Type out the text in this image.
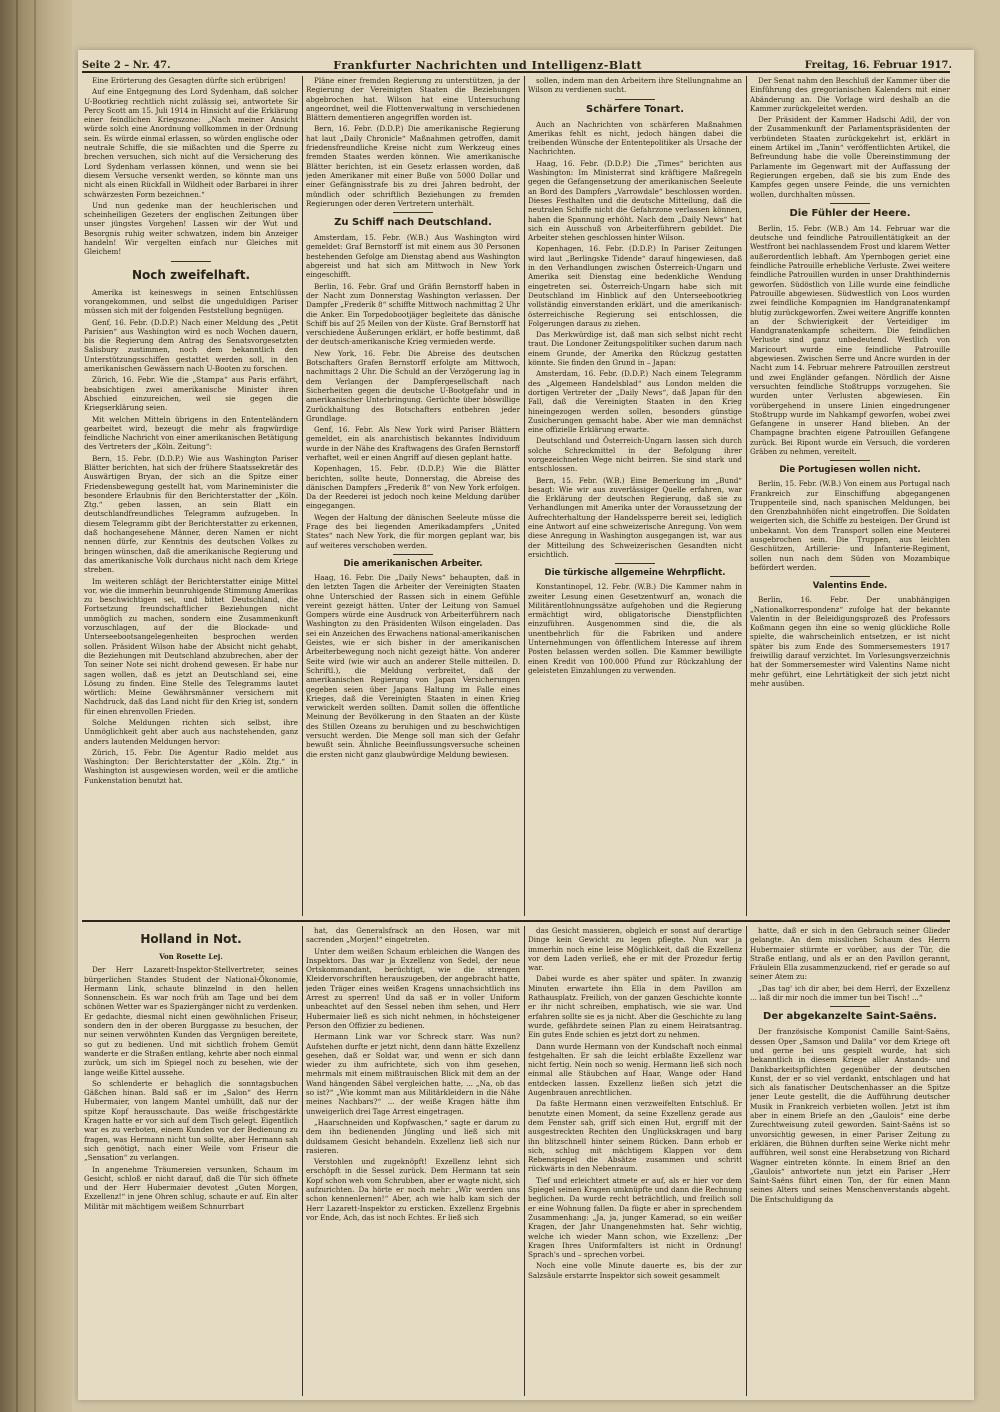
Seite 2 – Nr. 47.	Frankfurter Nachrichten und Intelligenz-Blatt	Freitag, 16. Februar 1917.

Eine Erörterung des Gesagten dürfte sich erübrigen!

Auf eine Entgegnung des Lord Sydenham, daß solcher U-Bootkrieg rechtlich nicht zulässig sei, antwortete Sir Percy Scott am 15. Juli 1914 in Hinsicht auf die Erklärung einer feindlichen Kriegszone: „Nach meiner Ansicht würde solch eine Anordnung vollkommen in der Ordnung sein. Es würde einmal erlassen, so würden englische oder neutrale Schiffe, die sie mißachten und die Sperre zu brechen versuchen, sich nicht auf die Versicherung des Lord Sydenham verlassen können, und wenn sie bei diesem Versuche versenkt werden, so könnte man uns nicht als einen Rückfall in Wildheit oder Barbarei in ihrer schwärzesten Form bezeichnen.“

Und nun gedenke man der heuchlerischen und scheinheiligen Gezeters der englischen Zeitungen über unser jüngstes Vorgehen! Lassen wir der Wut und Besorgnis ruhig weiter schwatzen, indem bin Anzeiger handeln! Wir vergelten einfach nur Gleiches mit Gleichem!

Noch zweifelhaft.

Amerika ist keineswegs in seinen Entschlüssen vorangekommen, und selbst die ungeduldigen Pariser müssen sich mit der folgenden Feststellung begnügen.

Genf, 16. Febr. (D.D.P.) Nach einer Meldung des „Petit Parisien“ aus Washington wird es noch Wochen dauern, bis die Regierung dem Antrag des Senatsvorgesetzten Salisbury zustimmen, noch dem bekanntlich den Unterstützungsschiffen gestattet werden soll, in den amerikanischen Gewässern nach U-Booten zu forschen.

Zürich, 16. Febr. Wie die „Stampa“ aus Paris erfährt, beabsichtigen zwei amerikanische Minister ihren Abschied einzureichen, weil sie gegen die Kriegserklärung seien.

Mit welchen Mitteln übrigens in den Ententeländern gearbeitet wird, bezeugt die mehr als fragwürdige feindliche Nachricht von einer amerikanischen Betätigung des Vertreters der „Köln. Zeitung“:

Bern, 15. Febr. (D.D.P.) Wie aus Washington Pariser Blätter berichten, hat sich der frühere Staatssekretär des Auswärtigen Bryan, der sich an die Spitze einer Friedensbewegung gestellt hat, vom Marineminister die besondere Erlaubnis für den Berichterstatter der „Köln. Ztg.“ geben lassen, an sein Blatt ein deutschlandfreundliches Telegramm aufzugeben. In diesem Telegramm gibt der Berichterstatter zu erkennen, daß hochangesehene Männer, deren Namen er nicht nennen dürfe, zur Kenntnis des deutschen Volkes zu bringen wünschen, daß die amerikanische Regierung und das amerikanische Volk durchaus nicht nach dem Kriege streben.

Im weiteren schlägt der Berichterstatter einige Mittel vor, wie die immerhin beunruhigende Stimmung Amerikas zu beschwichtigen sei, und bittet Deutschland, die Fortsetzung freundschaftlicher Beziehungen nicht unmöglich zu machen, sondern eine Zusammenkunft vorzuschlagen, auf der die Blockade- und Unterseebootsangelegenheiten besprochen werden sollen. Präsident Wilson habe der Absicht nicht gehabt, die Beziehungen mit Deutschland abzubrechen, aber der Ton seiner Note sei nicht drohend gewesen. Er habe nur sagen wollen, daß es jetzt an Deutschland sei, eine Lösung zu finden. Eine Stelle des Telegramms lautet wörtlich: Meine Gewährsmänner versichern mit Nachdruck, daß das Land nicht für den Krieg ist, sondern für einen ehrenvollen Frieden.

Solche Meldungen richten sich selbst, ihre Unmöglichkeit geht aber auch aus nachstehenden, ganz anders lautenden Meldungen hervor:

Zürich, 15. Febr. Die Agentur Radio meldet aus Washington: Der Berichterstatter der „Köln. Ztg.“ in Washington ist ausgewiesen worden, weil er die amtliche Funkenstation benutzt hat.

Pläne einer fremden Regierung zu unterstützen, ja der Regierung der Vereinigten Staaten die Beziehungen abgebrochen hat. Wilson hat eine Untersuchung angeordnet, weil die Flottenverwaltung in verschiedenen Blättern dementieren angegriffen worden ist.

Bern, 16. Febr. (D.D.P.) Die amerikanische Regierung hat laut „Daily Chronicle“ Maßnahmen getroffen, damit friedensfreundliche Kreise nicht zum Werkzeug eines fremden Staates werden können. Wie amerikanische Blätter berichten, ist ein Gesetz erlassen worden, daß jeden Amerikaner mit einer Buße von 5000 Dollar und einer Gefängnisstrafe bis zu drei Jahren bedroht, der mündlich oder schriftlich Beziehungen zu fremden Regierungen oder deren Vertretern unterhält.

Zu Schiff nach Deutschland.

Amsterdam, 15. Febr. (W.B.) Aus Washington wird gemeldet: Graf Bernstorff ist mit einem aus 30 Personen bestehenden Gefolge am Dienstag abend aus Washington abgereist und hat sich am Mittwoch in New York eingeschifft.

Berlin, 16. Febr. Graf und Gräfin Bernstorff haben in der Nacht zum Donnerstag Washington verlassen. Der Dampfer „Frederik 8“ schiffte Mittwoch nachmittag 2 Uhr die Anker. Ein Torpedobootjäger begleitete das dänische Schiff bis auf 25 Meilen von der Küste. Graf Bernstorff hat verschiedene Äußerungen erklärt, er hoffe bestimmt, daß der deutsch-amerikanische Krieg vermieden werde.

New York, 16. Febr. Die Abreise des deutschen Botschafters Grafen Bernstorff erfolgte am Mittwoch, nachmittags 2 Uhr. Die Schuld an der Verzögerung lag in dem Verlangen der Dampfergesellschaft nach Sicherheiten gegen die deutsche U-Bootgefahr und in amerikanischer Unterbringung. Gerüchte über böswillige Zurückhaltung des Botschafters entbehren jeder Grundlage.

Genf, 16. Febr. Als New York wird Pariser Blättern gemeldet, ein als anarchistisch bekanntes Individuum wurde in der Nähe des Kraftwagens des Grafen Bernstorff verhaftet, weil er einen Angriff auf diesen geplant hatte.

Kopenhagen, 15. Febr. (D.D.P.) Wie die Blätter berichten, sollte heute, Donnerstag, die Abreise des dänischen Dampfers „Frederik 8“ von New York erfolgen. Da der Reederei ist jedoch noch keine Meldung darüber eingegangen.

Wegen der Haltung der dänischen Seeleute müsse die Frage des bei liegenden Amerikadampfers „United States“ nach New York, die für morgen geplant war, bis auf weiteres verschoben werden.

Die amerikanischen Arbeiter.

Haag, 16. Febr. Die „Daily News“ behaupten, daß in den letzten Tagen die Arbeiter der Vereinigten Staaten ohne Unterschied der Rassen sich in einem Gefühle vereint gezeigt hätten. Unter der Leitung von Samuel Gompers würde eine Ausdruck von Arbeiterführern nach Washington zu den Präsidenten Wilson eingeladen. Das sei ein Anzeichen des Erwachens national-amerikanischen Geistes, wie er sich bisher in der amerikanischen Arbeiterbewegung noch nicht gezeigt hätte. Von anderer Seite wird (wie wir auch an anderer Stelle mitteilen. D. Schriftl.), die Meldung verbreitet, daß der amerikanischen Regierung von Japan Versicherungen gegeben seien über Japans Haltung im Falle eines Krieges, daß die Vereinigten Staaten in einen Krieg verwickelt werden sollten. Damit sollen die öffentliche Meinung der Bevölkerung in den Staaten an der Küste des Stillen Ozeans zu beruhigen und zu beschwichtigen versucht werden. Die Menge soll man sich der Gefahr bewußt sein. Ähnliche Beeinflussungsversuche scheinen die ersten nicht ganz glaubwürdige Meldung bewiesen.

sollen, indem man den Arbeitern ihre Stellungnahme an Wilson zu verdienen sucht.

Schärfere Tonart.

Auch an Nachrichten von schärferen Maßnahmen Amerikas fehlt es nicht, jedoch hängen dabei die treibenden Wünsche der Ententepolitiker als Ursache der Nachrichten.

Haag, 16. Febr. (D.D.P.) Die „Times“ berichten aus Washington: Im Ministerrat sind kräftigere Maßregeln gegen die Gefangensetzung der amerikanischen Seeleute an Bord des Dampfers „Varrowdale“ beschlossen worden. Dieses Festhalten und die deutsche Mitteilung, daß die neutralen Schiffe nicht die Gefahrzone verlassen können, haben die Spannung erhöht. Nach dem „Daily News“ hat sich ein Ausschuß von Arbeiterführern gebildet. Die Arbeiter stehen geschlossen hinter Wilson.

Kopenhagen, 16. Febr. (D.D.P.) In Pariser Zeitungen wird laut „Berlingske Tidende“ darauf hingewiesen, daß in den Verhandlungen zwischen Österreich-Ungarn und Amerika seit Dienstag eine bedenkliche Wendung eingetreten sei. Österreich-Ungarn habe sich mit Deutschland im Hinblick auf den Unterseebootkrieg vollständig einverstanden erklärt, und die amerikanisch-österreichische Regierung sei entschlossen, die Folgerungen daraus zu ziehen.

Das Merkwürdige ist, daß man sich selbst nicht recht traut. Die Londoner Zeitungspolitiker suchen darum nach einem Grunde, der Amerika den Rückzug gestatten könnte. Sie finden den Grund in – Japan:

Amsterdam, 16. Febr. (D.D.P.) Nach einem Telegramm des „Algemeen Handelsblad“ aus London melden die dortigen Vertreter der „Daily News“, daß Japan für den Fall, daß die Vereinigten Staaten in den Krieg hineingezogen werden sollen, besonders günstige Zusicherungen gemacht habe. Aber wie man demnächst eine offizielle Erklärung erwarte.

Deutschland und Österreich-Ungarn lassen sich durch solche Schreckmittel in der Befolgung ihrer vorgezeichneten Wege nicht beirren. Sie sind stark und entschlossen.

Bern, 15. Febr. (W.B.) Eine Bemerkung im „Bund“ besagt: Wie wir aus zuverlässiger Quelle erfahren, war die Erklärung der deutschen Regierung, daß sie zu Verhandlungen mit Amerika unter der Voraussetzung der Aufrechterhaltung der Handelssperre bereit sei, lediglich eine Antwort auf eine schweizerische Anregung. Von wem diese Anregung in Washington ausgegangen ist, war aus der Mitteilung des Schweizerischen Gesandten nicht ersichtlich.

Die türkische allgemeine Wehrpflicht.

Konstantinopel, 12. Febr. (W.B.) Die Kammer nahm in zweiter Lesung einen Gesetzentwurf an, wonach die Militärentlohnungssätze aufgehoben und die Regierung ermächtigt wird, obligatorische Dienstpflichten einzuführen. Ausgenommen sind die, die als unentbehrlich für die Fabriken und andere Unternehmungen von öffentlichem Interesse auf ihrem Posten belassen werden sollen. Die Kammer bewilligte einen Kredit von 100.000 Pfund zur Rückzahlung der geleisteten Einzahlungen zu verwenden.

Der Senat nahm den Beschluß der Kammer über die Einführung des gregorianischen Kalenders mit einer Abänderung an. Die Vorlage wird deshalb an die Kammer zurückgeleitet werden.

Der Präsident der Kammer Hadschi Adil, der von der Zusammenkunft der Parlamentspräsidenten der verbündeten Staaten zurückgekehrt ist, erklärt in einem Artikel im „Tanin“ veröffentlichten Artikel, die Befreundung habe die volle Übereinstimmung der Parlamente im Gegenwart mit der Auffassung der Regierungen ergeben, daß sie bis zum Ende des Kampfes gegen unsere Feinde, die uns vernichten wollen, durchhalten müssen.

Die Fühler der Heere.

Berlin, 15. Febr. (W.B.) Am 14. Februar war die deutsche und feindliche Patrouillentätigkeit an der Westfront bei nachlassendem Frost und klarem Wetter außerordentlich lebhaft. Am Ypernbogen geriet eine feindliche Patrouille erhebliche Verluste. Zwei weitere feindliche Patrouillen wurden in unser Drahthindernis geworfen. Südöstlich von Lille wurde eine feindliche Patrouille abgewiesen. Südwestlich von Loos wurden zwei feindliche Kompagnien im Handgranatenkampf blutig zurückgeworfen. Zwei weitere Angriffe konnten an der Schwierigkeit der Verteidiger im Handgranatenkampfe scheitern. Die feindlichen Verluste sind ganz unbedeutend. Westlich von Maricourt wurde eine feindliche Patrouille abgewiesen. Zwischen Serre und Ancre wurden in der Nacht zum 14. Februar mehrere Patrouillen zerstreut und zwei Engländer gefangen. Nördlich der Aisne versuchten feindliche Stoßtrupps vorzugehen. Sie wurden unter Verlusten abgewiesen. Ein vorübergehend in unsere Linien eingedrungener Stoßtrupp wurde im Nahkampf geworfen, wobei zwei Gefangene in unserer Hand blieben. An der Champagne brachten eigene Patrouillen Gefangene zurück. Bei Ripont wurde ein Versuch, die vorderen Gräben zu nehmen, vereitelt.

Die Portugiesen wollen nicht.

Berlin, 15. Febr. (W.B.) Von einem aus Portugal nach Frankreich zur Einschiffung abgegangenen Truppenteile sind, nach spanischen Meldungen, bei den Grenzbahnhöfen nicht eingetroffen. Die Soldaten weigerten sich, die Schiffe zu besteigen. Der Grund ist unbekannt. Von dem Transport sollen eine Meuterei ausgebrochen sein. Die Truppen, aus leichten Geschützen, Artillerie- und Infanterie-Regiment, sollen nun nach dem Süden von Mozambique befördert werden.

Valentins Ende.

Berlin, 16. Febr. Der unabhängigen „Nationalkorrespondenz“ zufolge hat der bekannte Valentin in der Beleidigungsprozeß des Professors Koßmann gegen ihn eine so wenig glückliche Rolle spielte, die wahrscheinlich entsetzen, er ist nicht später bis zum Ende des Sommersemesters 1917 freiwillig darauf verzichtet. Im Vorlesungsverzeichnis hat der Sommersemester wird Valentins Name nicht mehr geführt, eine Lehrtätigkeit der sich jetzt nicht mehr ausüben.

Holland in Not.
Von Rosette Lej.

Der Herr Lazarett-Inspektor-Stellvertreter, seines bürgerlichen Standes Student der National-Ökonomie, Hermann Link, schaute blinzelnd in den hellen Sonnenschein. Es war noch früh am Tage und bei dem schönen Wetter war es Spaziergänger nicht zu verdenken. Er gedachte, diesmal nicht einen gewöhnlichen Friseur, sondern den in der oberen Burggasse zu besuchen, der nur seinen verwöhnten Kunden das Vergnügen bereitete, so gut zu bedienen. Und mit sichtlich frohem Gemüt wanderte er die Straßen entlang, kehrte aber noch einmal zurück, um sich im Spiegel noch zu besehen, wie der lange weiße Kittel aussehe.

So schlenderte er behaglich die sonntagsbuchen Gäßchen hinan. Bald saß er im „Salon“ des Herrn Hubermaier, von langem Mantel umhüllt, daß nur der spitze Kopf herausschaute. Das weiße frischgestärkte Kragen hatte er vor sich auf dem Tisch gelegt. Eigentlich war es zu verboten, einem Kunden vor der Bedienung zu fragen, was Hermann nicht tun sollte, aber Hermann sah sich genötigt, nach einer Weile vom Friseur die „Sensation“ zu verlangen.

In angenehme Träumereien versunken, Schaum im Gesicht, schloß er nicht darauf, daß die Tür sich öffnete und der Herr Hubermaier devotest „Guten Morgen, Exzellenz!“ in jene Ohren schlug, schaute er auf. Ein alter Militär mit mächtigem weißem Schnurrbart

hat, das Generalsfrack an den Hosen, war mit sacrenden „Morjen!“ eingetreten.

Unter dem weißen Schaum erbleichen die Wangen des Inspektors. Das war ja Exzellenz von Sedel, der neue Ortskommandant, berüchtigt, wie die strengen Kleidervorschriften herauszugeben, der angebracht hatte, jeden Träger eines weißen Kragens unnachsichtlich ins Arrest zu sperren! Und da saß er in voller Uniform unbeachtet auf den Sessel neben ihm sehen, und Herr Hubermaier ließ es sich nicht nehmen, in höchsteigener Person den Offizier zu bedienen.

Hermann Link war vor Schreck starr. Was nun? Aufstehen durfte er jetzt nicht, denn dann hätte Exzellenz gesehen, daß er Soldat war, und wenn er sich dann wieder zu ihm aufrichtete, sich von ihm gesehen, mehrmals mit einem mißtrauischen Blick mit dem an der Wand hängenden Säbel vergleichen hatte, ... „Na, ob das so ist?“ „Wie kommt man aus Militärkleidern in die Nähe meines Nachbars?“ ... der weiße Kragen hätte ihm unweigerlich drei Tage Arrest eingetragen.

„Haarschneiden und Kopfwaschen,“ sagte er darum zu dem ihn bedienenden Jüngling und ließ sich mit duldsamem Gesicht behandeln. Exzellenz ließ sich nur rasieren.

Verstohlen und zugeknöpft! Exzellenz lehnt sich erschöpft in die Sessel zurück. Dem Hermann tat sein Kopf schon weh vom Schrubben, aber er wagte nicht, sich aufzurichten. Da hörte er noch mehr: „Wir werden uns schon kennenlernen!“ Aber, ach wie halb kam sich der Herr Lazarett-Inspektor zu ersticken. Exzellenz Ergebnis vor Ende, Ach, das ist noch Echtes. Er ließ sich

das Gesicht massieren, obgleich er sonst auf derartige Dinge kein Gewicht zu legen pflegte. Nun war ja immerhin noch eine leise Möglichkeit, daß die Exzellenz vor dem Laden verließ, ehe er mit der Prozedur fertig war.

Dabei wurde es aber später und später. In zwanzig Minuten erwartete ihn Ella in dem Pavillon am Rathausplatz. Freilich, von der ganzen Geschichte konnte er ihr nicht schreiben, emphatisch, wie sie war. Und erfahren sollte sie es ja nicht. Aber die Geschichte zu lang wurde, gefährdete seinen Plan zu einem Heiratsantrag. Ein gutes Ende schien es jetzt dort zu nehmen.

Dann wurde Hermann von der Kundschaft noch einmal festgehalten. Er sah die leicht erblaßte Exzellenz war nicht fertig. Nein noch so wenig. Hermann ließ sich noch einmal alle Stäubchen auf Haar, Wange oder Hand entdecken lassen. Exzellenz ließen sich jetzt die Augenbrauen anrechtlichen.

Da faßte Hermann einen verzweifelten Entschluß. Er benutzte einen Moment, da seine Exzellenz gerade aus dem Fenster sah, griff sich einen Hut, ergriff mit der ausgestreckten Rechten den Unglückskragen und barg ihn blitzschnell hinter seinem Rücken. Dann erhob er sich, schlug mit mächtigem Klappen vor dem Rebenspiegel die Absätze zusammen und schritt rückwärts in den Nebenraum.

Tief und erleichtert atmete er auf, als er hier vor dem Spiegel seinen Kragen umknüpfte und dann die Rechnung beglichen. Da wurde recht beträchtlich, und freilich soll er eine Wohnung fallen. Da fügte er aber in sprechendem Zusammenhang: „Ja, ja, junger Kamerad, so ein weißer Kragen, der Jahr Unangenehmsten hat. Sehr wichtig, welche ich wieder Mann schon, wie Exzellenz: „Der Kragen Ihres Uniformfalters ist nicht in Ordnung! Sprach's und – sprechen vorbei.

Noch eine volle Minute dauerte es, bis der zur Salzsäule erstarrte Inspektor sich soweit gesammelt

hatte, daß er sich in den Gebrauch seiner Glieder gelangte. An dem misslichen Schaum des Herrn Hubermaier stürmte er vorüber, aus der Tür, die Straße entlang, und als er an den Pavillon gerannt, Fräulein Ella zusammenzuckend, rief er gerade so auf seiner Atem zu:

„Das tag' ich dir aber, bei dem Herrl, der Exzellenz ... laß dir mir noch die immer tun bei Tisch! ...“

Der abgekanzelte Saint-Saëns.

Der französische Komponist Camille Saint-Saëns, dessen Oper „Samson und Dalila“ vor dem Kriege oft und gerne bei uns gespielt wurde, hat sich bekanntlich in diesem Kriege aller Anstands- und Dankbarkeitspflichten gegenüber der deutschen Kunst, der er so viel verdankt, entschlagen und hat sich als fanatischer Deutschenhasser an die Spitze jener Leute gestellt, die die Aufführung deutscher Musik in Frankreich verbieten wollen. Jetzt ist ihm aber in einem Briefe an den „Gaulois“ eine derbe Zurechtweisung zuteil geworden. Saint-Saëns ist so unvorsichtig gewesen, in einer Pariser Zeitung zu erklären, die Bühnen durften seine Werke nicht mehr aufführen, weil sonst eine Herabsetzung von Richard Wagner eintreten könnte. In einem Brief an den „Gaulois“ antwortete nun jetzt ein Pariser „Herr Saint-Saëns führt einen Ton, der für einen Mann seines Alters und seines Menschenverstands abgeht. Die Entschuldigung da
